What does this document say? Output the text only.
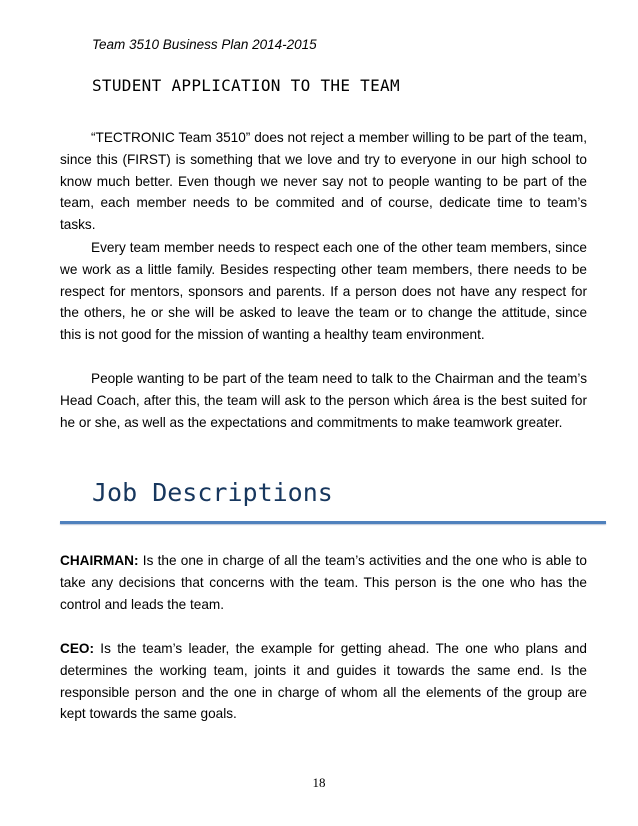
Team 3510 Business Plan 2014-2015
STUDENT APPLICATION TO THE TEAM

“TECTRONIC Team 3510” does not reject a member willing to be part of the team, since this (FIRST) is something that we love and try to everyone in our high school to know much better. Even though we never say not to people wanting to be part of the team, each member needs to be commited and of course, dedicate time to team’s tasks.

Every team member needs to respect each one of the other team members, since we work as a little family. Besides respecting other team members, there needs to be respect for mentors, sponsors and parents. If a person does not have any respect for the others, he or she will be asked to leave the team or to change the attitude, since this is not good for the mission of wanting a healthy team environment.

People wanting to be part of the team need to talk to the Chairman and the team’s Head Coach, after this, the team will ask to the person which área is the best suited for he or she, as well as the expectations and commitments to make teamwork greater.

Job Descriptions

CHAIRMAN: Is the one in charge of all the team’s activities and the one who is able to take any decisions that concerns with the team. This person is the one who has the control and leads the team.

CEO: Is the team’s leader, the example for getting ahead. The one who plans and determines the working team, joints it and guides it towards the same end. Is the responsible person and the one in charge of whom all the elements of the group are kept towards the same goals.

18
